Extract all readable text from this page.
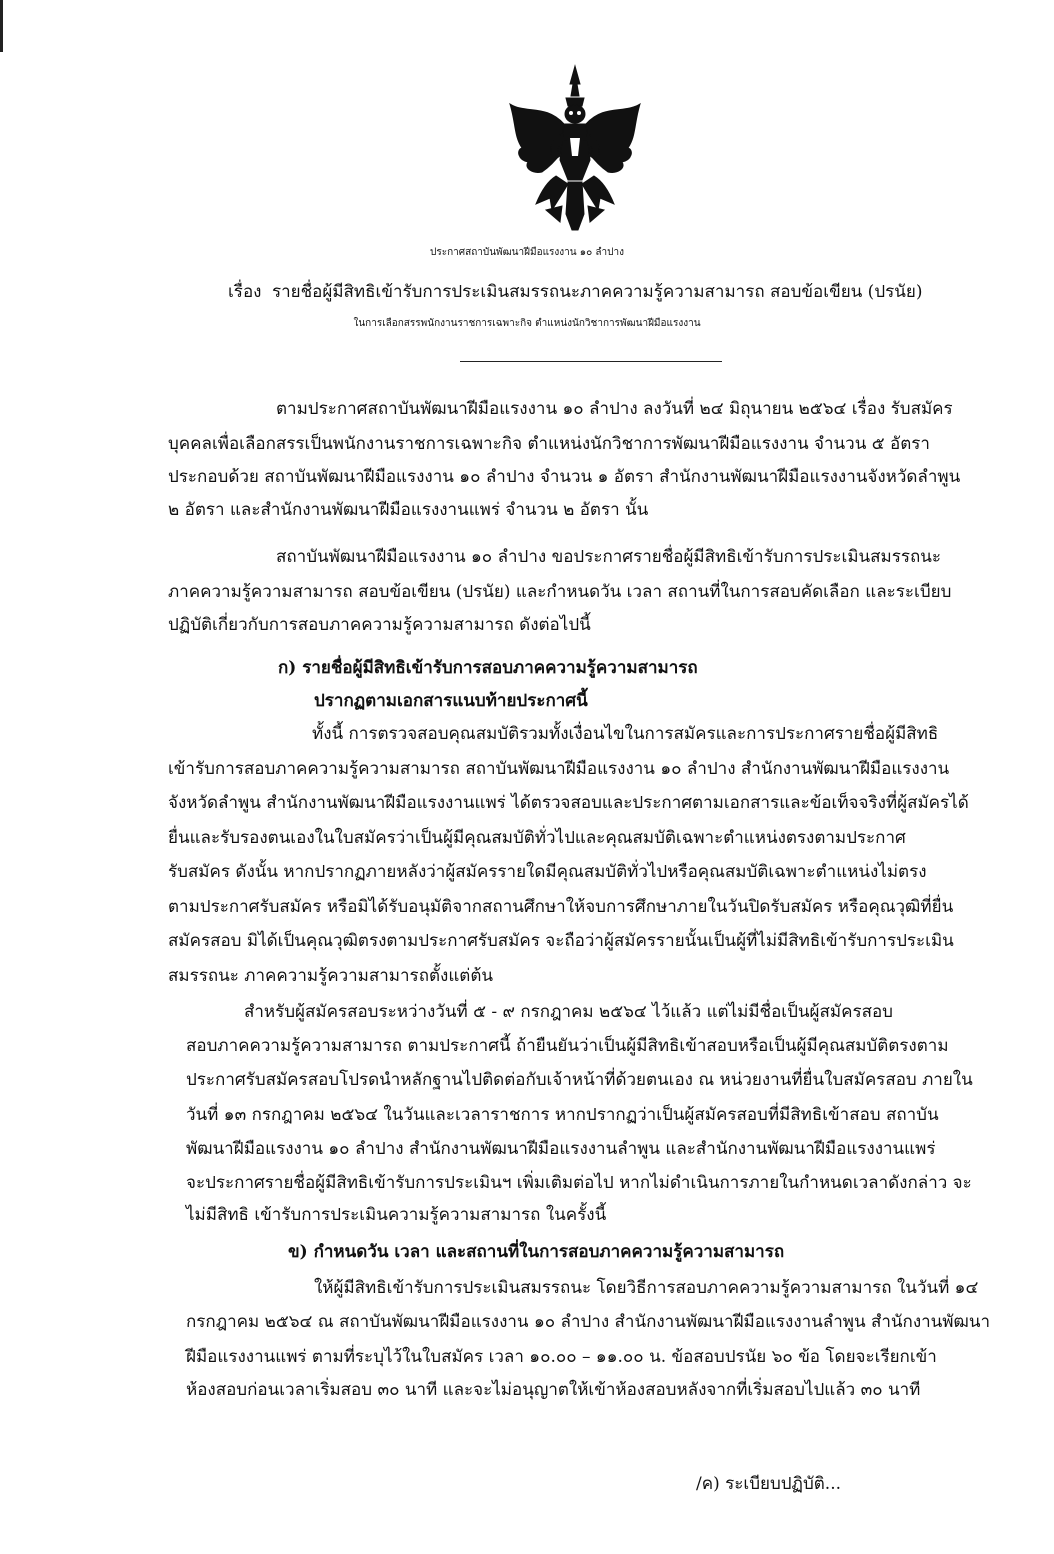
ประกาศสถาบันพัฒนาฝีมือแรงงาน ๑๐ ลำปาง
เรื่อง รายชื่อผู้มีสิทธิเข้ารับการประเมินสมรรถนะภาคความรู้ความสามารถ สอบข้อเขียน (ปรนัย)
ในการเลือกสรรพนักงานราชการเฉพาะกิจ ตำแหน่งนักวิชาการพัฒนาฝีมือแรงงาน
ตามประกาศสถาบันพัฒนาฝีมือแรงงาน ๑๐ ลำปาง ลงวันที่ ๒๔ มิถุนายน ๒๕๖๔ เรื่อง รับสมัคร
บุคคลเพื่อเลือกสรรเป็นพนักงานราชการเฉพาะกิจ ตำแหน่งนักวิชาการพัฒนาฝีมือแรงงาน จำนวน ๕ อัตรา
ประกอบด้วย สถาบันพัฒนาฝีมือแรงงาน ๑๐ ลำปาง จำนวน ๑ อัตรา สำนักงานพัฒนาฝีมือแรงงานจังหวัดลำพูน
๒ อัตรา และสำนักงานพัฒนาฝีมือแรงงานแพร่ จำนวน ๒ อัตรา นั้น
สถาบันพัฒนาฝีมือแรงงาน ๑๐ ลำปาง ขอประกาศรายชื่อผู้มีสิทธิเข้ารับการประเมินสมรรถนะ
ภาคความรู้ความสามารถ สอบข้อเขียน (ปรนัย) และกำหนดวัน เวลา สถานที่ในการสอบคัดเลือก และระเบียบ
ปฏิบัติเกี่ยวกับการสอบภาคความรู้ความสามารถ ดังต่อไปนี้
ก) รายชื่อผู้มีสิทธิเข้ารับการสอบภาคความรู้ความสามารถ
ปรากฏตามเอกสารแนบท้ายประกาศนี้
ทั้งนี้ การตรวจสอบคุณสมบัติรวมทั้งเงื่อนไขในการสมัครและการประกาศรายชื่อผู้มีสิทธิ
เข้ารับการสอบภาคความรู้ความสามารถ สถาบันพัฒนาฝีมือแรงงาน ๑๐ ลำปาง สำนักงานพัฒนาฝีมือแรงงาน
จังหวัดลำพูน สำนักงานพัฒนาฝีมือแรงงานแพร่ ได้ตรวจสอบและประกาศตามเอกสารและข้อเท็จจริงที่ผู้สมัครได้
ยื่นและรับรองตนเองในใบสมัครว่าเป็นผู้มีคุณสมบัติทั่วไปและคุณสมบัติเฉพาะตำแหน่งตรงตามประกาศ
รับสมัคร ดังนั้น หากปรากฏภายหลังว่าผู้สมัครรายใดมีคุณสมบัติทั่วไปหรือคุณสมบัติเฉพาะตำแหน่งไม่ตรง
ตามประกาศรับสมัคร หรือมิได้รับอนุมัติจากสถานศึกษาให้จบการศึกษาภายในวันปิดรับสมัคร หรือคุณวุฒิที่ยื่น
สมัครสอบ มิได้เป็นคุณวุฒิตรงตามประกาศรับสมัคร จะถือว่าผู้สมัครรายนั้นเป็นผู้ที่ไม่มีสิทธิเข้ารับการประเมิน
สมรรถนะ ภาคความรู้ความสามารถตั้งแต่ต้น
สำหรับผู้สมัครสอบระหว่างวันที่ ๕ - ๙ กรกฎาคม ๒๕๖๔ ไว้แล้ว แต่ไม่มีชื่อเป็นผู้สมัครสอบ
สอบภาคความรู้ความสามารถ ตามประกาศนี้ ถ้ายืนยันว่าเป็นผู้มีสิทธิเข้าสอบหรือเป็นผู้มีคุณสมบัติตรงตาม
ประกาศรับสมัครสอบโปรดนำหลักฐานไปติดต่อกับเจ้าหน้าที่ด้วยตนเอง ณ หน่วยงานที่ยื่นใบสมัครสอบ ภายใน
วันที่ ๑๓ กรกฎาคม ๒๕๖๔ ในวันและเวลาราชการ หากปรากฏว่าเป็นผู้สมัครสอบที่มีสิทธิเข้าสอบ สถาบัน
พัฒนาฝีมือแรงงาน ๑๐ ลำปาง สำนักงานพัฒนาฝีมือแรงงานลำพูน และสำนักงานพัฒนาฝีมือแรงงานแพร่
จะประกาศรายชื่อผู้มีสิทธิเข้ารับการประเมินฯ เพิ่มเติมต่อไป หากไม่ดำเนินการภายในกำหนดเวลาดังกล่าว จะ
ไม่มีสิทธิ เข้ารับการประเมินความรู้ความสามารถ ในครั้งนี้
ข) กำหนดวัน เวลา และสถานที่ในการสอบภาคความรู้ความสามารถ
ให้ผู้มีสิทธิเข้ารับการประเมินสมรรถนะ โดยวิธีการสอบภาคความรู้ความสามารถ ในวันที่ ๑๔
กรกฎาคม ๒๕๖๔ ณ สถาบันพัฒนาฝีมือแรงงาน ๑๐ ลำปาง สำนักงานพัฒนาฝีมือแรงงานลำพูน สำนักงานพัฒนา
ฝีมือแรงงานแพร่ ตามที่ระบุไว้ในใบสมัคร เวลา ๑๐.๐๐ – ๑๑.๐๐ น. ข้อสอบปรนัย ๖๐ ข้อ โดยจะเรียกเข้า
ห้องสอบก่อนเวลาเริ่มสอบ ๓๐ นาที และจะไม่อนุญาตให้เข้าห้องสอบหลังจากที่เริ่มสอบไปแล้ว ๓๐ นาที
/ค) ระเบียบปฏิบัติ...
